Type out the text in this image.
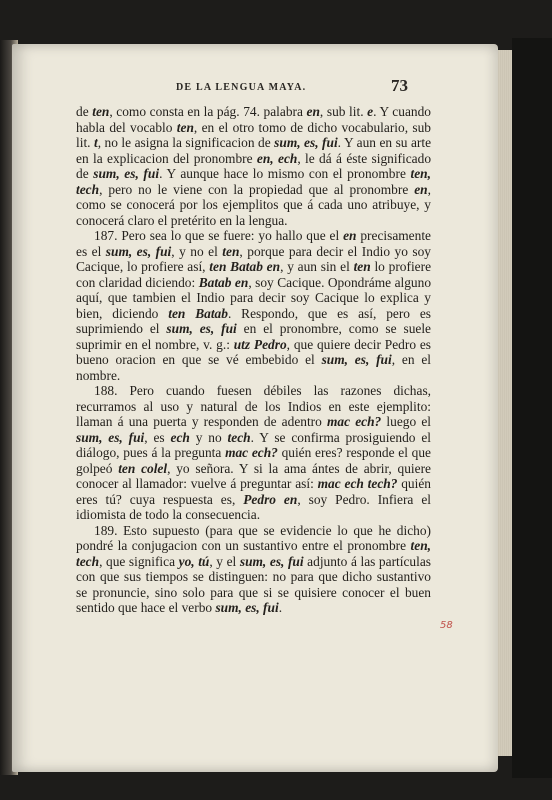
DE LA LENGUA MAYA.	73

de ten, como consta en la pág. 74. palabra en, sub lit. e. Y cuando habla del vocablo ten, en el otro tomo de dicho vocabulario, sub lit. t, no le asigna la significacion de sum, es, fui. Y aun en su arte en la explicacion del pronombre en, ech, le dá á éste significado de sum, es, fui. Y aunque hace lo mismo con el pronombre ten, tech, pero no le viene con la propiedad que al pronombre en, como se conocerá por los ejemplitos que á cada uno atribuye, y conocerá claro el pretérito en la lengua.

187. Pero sea lo que se fuere: yo hallo que el en precisamente es el sum, es, fui, y no el ten, porque para decir el Indio yo soy Cacique, lo profiere así, ten Batab en, y aun sin el ten lo profiere con claridad diciendo: Batab en, soy Cacique. Opondráme alguno aquí, que tambien el Indio para decir soy Cacique lo explica y bien, diciendo ten Batab. Respondo, que es así, pero es suprimiendo el sum, es, fui en el pronombre, como se suele suprimir en el nombre, v. g.: utz Pedro, que quiere decir Pedro es bueno oracion en que se vé embebido el sum, es, fui, en el nombre.

188. Pero cuando fuesen débiles las razones dichas, recurramos al uso y natural de los Indios en este ejemplito: llaman á una puerta y responden de adentro mac ech? luego el sum, es, fui, es ech y no tech. Y se confirma prosiguiendo el diálogo, pues á la pregunta mac ech? quién eres? responde el que golpeó ten colel, yo señora. Y si la ama ántes de abrir, quiere conocer al llamador: vuelve á preguntar así: mac ech tech? quién eres tú? cuya respuesta es, Pedro en, soy Pedro. Infiera el idiomista de todo la consecuencia.

189. Esto supuesto (para que se evidencie lo que he dicho) pondré la conjugacion con un sustantivo entre el pronombre ten, tech, que significa yo, tú, y el sum, es, fui adjunto á las partículas con que sus tiempos se distinguen: no para que dicho sustantivo se pronuncie, sino solo para que si se quisiere conocer el buen sentido que hace el verbo sum, es, fui.

58
